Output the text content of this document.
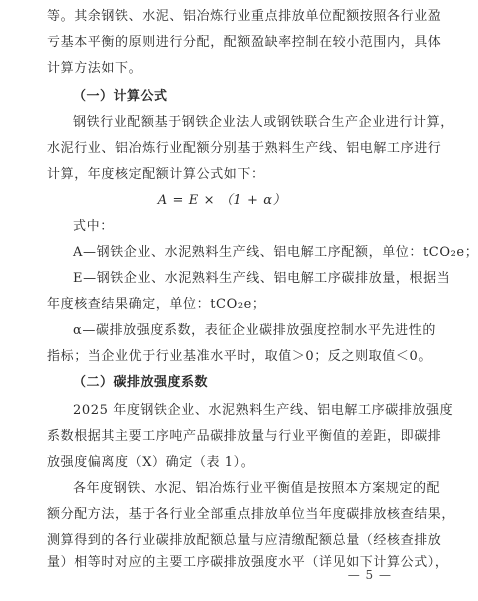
等。其余钢铁、水泥、铝冶炼行业重点排放单位配额按照各行业盈
亏基本平衡的原则进行分配，配额盈缺率控制在较小范围内，具体
计算方法如下。
（一）计算公式
钢铁行业配额基于钢铁企业法人或钢铁联合生产企业进行计算，
水泥行业、铝冶炼行业配额分别基于熟料生产线、铝电解工序进行
计算，年度核定配额计算公式如下：
A = E × （1 + α）
式中：
A—钢铁企业、水泥熟料生产线、铝电解工序配额，单位：tCO₂e；
E—钢铁企业、水泥熟料生产线、铝电解工序碳排放量，根据当
年度核查结果确定，单位：tCO₂e；
α—碳排放强度系数，表征企业碳排放强度控制水平先进性的
指标；当企业优于行业基准水平时，取值＞0；反之则取值＜0。
（二）碳排放强度系数
2025 年度钢铁企业、水泥熟料生产线、铝电解工序碳排放强度
系数根据其主要工序吨产品碳排放量与行业平衡值的差距，即碳排
放强度偏离度（X）确定（表 1）。
各年度钢铁、水泥、铝冶炼行业平衡值是按照本方案规定的配
额分配方法，基于各行业全部重点排放单位当年度碳排放核查结果，
测算得到的各行业碳排放配额总量与应清缴配额总量（经核查排放
量）相等时对应的主要工序碳排放强度水平（详见如下计算公式），
— 5 —
